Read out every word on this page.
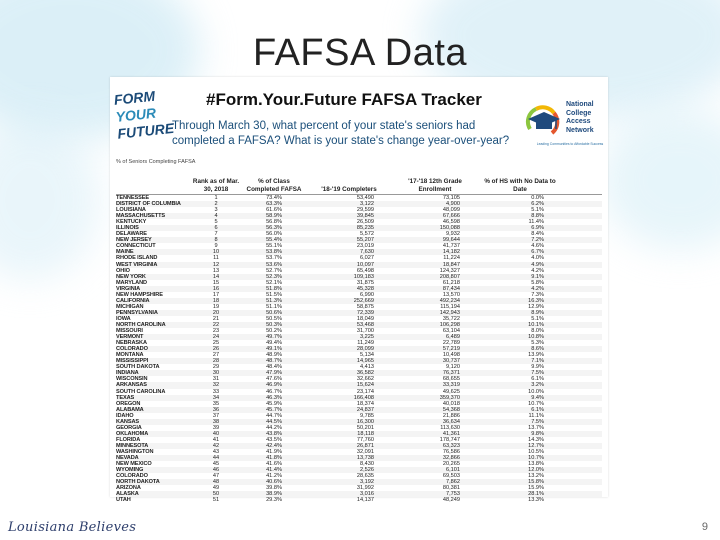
FAFSA Data
FORM
YOUR
FUTURE
#Form.Your.Future FAFSA Tracker
Through March 30, what percent of your state's seniors had completed a FAFSA? What is your state's change year-over-year?
National College Access Network
Leading Communities to Affordable Success
% of Seniors Completing FAFSA
Rank as of Mar. 30, 2018
% of Class Completed FAFSA	'18-'19 Completers
'17-'18 12th Grade Enrollment
% of HS with No Data to Date
TENNESSEE	1	73.4%	53,490	73,105	0.0%
DISTRICT OF COLUMBIA	2	63.3%	3,122	4,900	6.2%
LOUISIANA	3	61.6%	29,599	48,099	5.1%
MASSACHUSETTS	4	58.9%	39,845	67,666	8.8%
KENTUCKY	5	56.8%	26,509	46,598	11.4%
ILLINOIS	6	56.3%	85,235	150,088	6.9%
DELAWARE	7	56.0%	5,572	9,932	8.4%
NEW JERSEY	8	55.4%	55,207	99,644	7.2%
CONNECTICUT	9	55.1%	23,019	41,737	4.6%
MAINE	10	53.8%	7,630	14,182	6.7%
RHODE ISLAND	11	53.7%	6,027	11,224	4.0%
WEST VIRGINIA	12	53.6%	10,097	18,847	4.9%
OHIO	13	52.7%	65,498	124,327	4.2%
NEW YORK	14	52.3%	109,183	208,807	9.1%
MARYLAND	15	52.1%	31,875	61,218	5.8%
VIRGINIA	16	51.8%	45,328	87,434	4.2%
NEW HAMPSHIRE	17	51.5%	6,990	13,570	7.3%
CALIFORNIA	18	51.3%	252,669	492,234	16.3%
MICHIGAN	19	51.1%	58,875	115,194	12.9%
PENNSYLVANIA	20	50.6%	72,339	142,943	8.9%
IOWA	21	50.5%	18,049	35,722	5.1%
NORTH CAROLINA	22	50.3%	53,468	106,298	10.1%
MISSOURI	23	50.2%	31,700	63,104	8.0%
VERMONT	24	49.7%	3,225	6,489	10.8%
NEBRASKA	25	49.4%	11,249	22,789	5.3%
COLORADO	26	49.1%	28,099	57,219	8.6%
MONTANA	27	48.9%	5,134	10,498	13.9%
MISSISSIPPI	28	48.7%	14,965	30,737	7.1%
SOUTH DAKOTA	29	48.4%	4,413	9,120	9.9%
INDIANA	30	47.9%	36,582	76,371	7.5%
WISCONSIN	31	47.6%	32,662	68,655	6.1%
ARKANSAS	32	46.9%	15,624	33,319	3.2%
SOUTH CAROLINA	33	46.7%	23,174	49,625	10.0%
TEXAS	34	46.3%	166,408	359,370	9.4%
OREGON	35	45.9%	18,374	40,018	10.7%
ALABAMA	36	45.7%	24,837	54,368	6.1%
IDAHO	37	44.7%	9,785	21,886	11.1%
KANSAS	38	44.5%	16,300	36,634	7.5%
GEORGIA	39	44.2%	50,201	113,630	13.7%
OKLAHOMA	40	43.8%	18,118	41,361	9.8%
FLORIDA	41	43.5%	77,760	178,747	14.3%
MINNESOTA	42	42.4%	26,871	63,323	12.7%
WASHINGTON	43	41.9%	32,091	76,586	10.5%
NEVADA	44	41.8%	13,738	32,866	10.7%
NEW MEXICO	45	41.6%	8,430	20,265	13.8%
WYOMING	46	41.4%	2,526	6,101	12.0%
COLORADO	47	41.2%	28,635	69,503	13.2%
NORTH DAKOTA	48	40.6%	3,192	7,862	15.8%
ARIZONA	49	39.8%	31,992	80,381	15.9%
ALASKA	50	38.9%	3,016	7,753	28.1%
UTAH	51	29.3%	14,137	48,249	13.3%
Louisiana Believes	9
